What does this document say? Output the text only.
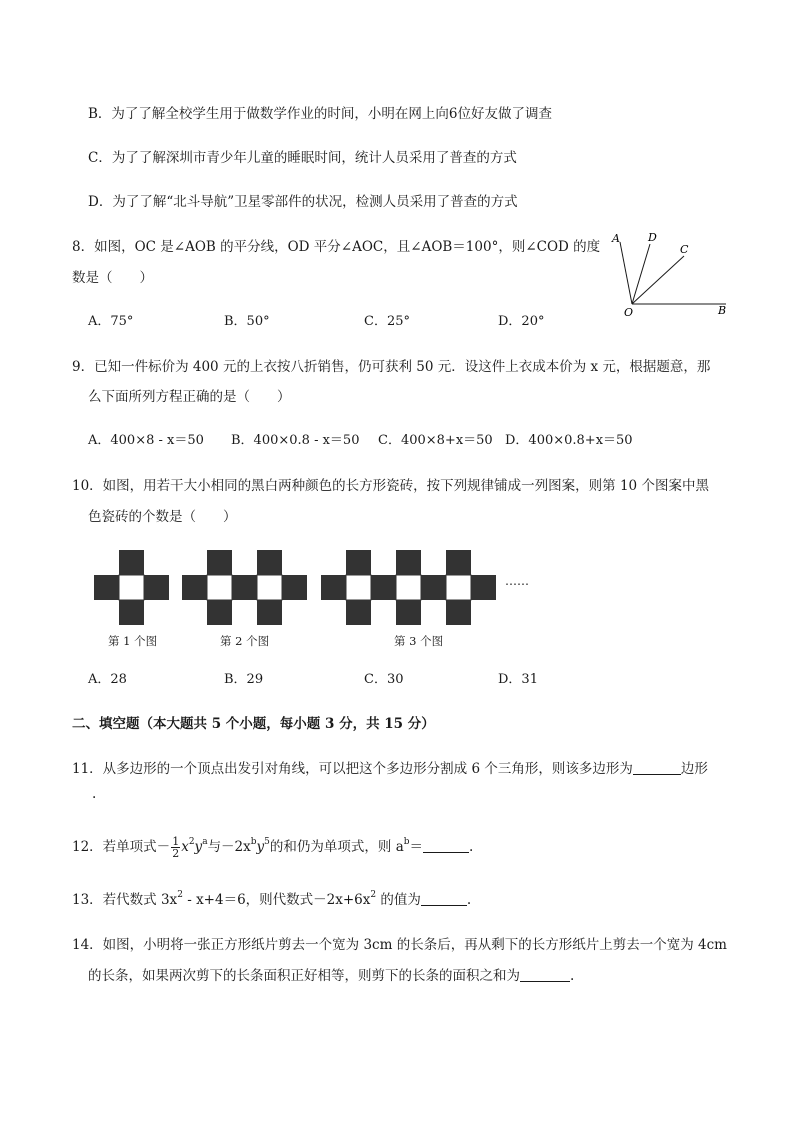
B．为了了解全校学生用于做数学作业的时间，小明在网上向6位好友做了调查
C．为了了解深圳市青少年儿童的睡眠时间，统计人员采用了普查的方式
D．为了了解“北斗导航”卫星零部件的状况，检测人员采用了普查的方式
8．如图，OC 是∠AOB 的平分线，OD 平分∠AOC，且∠AOB＝100°，则∠COD 的度
数是（　　）
A．75°	B．50°	C．25°	D．20°
A	D
C
O	B
9．已知一件标价为 400 元的上衣按八折销售，仍可获利 50 元．设这件上衣成本价为 x 元，根据题意，那
么下面所列方程正确的是（　　）
A．400×8 - x＝50 B．400×0.8 - x＝50 C．400×8+x＝50 D．400×0.8+x＝50
10．如图，用若干大小相同的黑白两种颜色的长方形瓷砖，按下列规律铺成一列图案，则第 10 个图案中黑
色瓷砖的个数是（　　）
……
第 1 个图	第 2 个图	第 3 个图
A．28	B．29	C．30	D．31
二、填空题（本大题共 5 个小题，每小题 3 分，共 15 分）
11．从多边形的一个顶点出发引对角线，可以把这个多边形分割成 6 个三角形，则该多边形为	边形
.
12．若单项式－ $\frac{1}{2} x^2y^a$与$-2x^by^5$的和仍为单项式，则 $a^b=$	.
13．若代数式 $3x^2 - x+4=6$，则代数式$-2x+6x^2$ 的值为	.
14．如图，小明将一张正方形纸片剪去一个宽为 3cm 的长条后，再从剩下的长方形纸片上剪去一个宽为 4cm
的长条，如果两次剪下的长条面积正好相等，则剪下的长条的面积之和为	.
